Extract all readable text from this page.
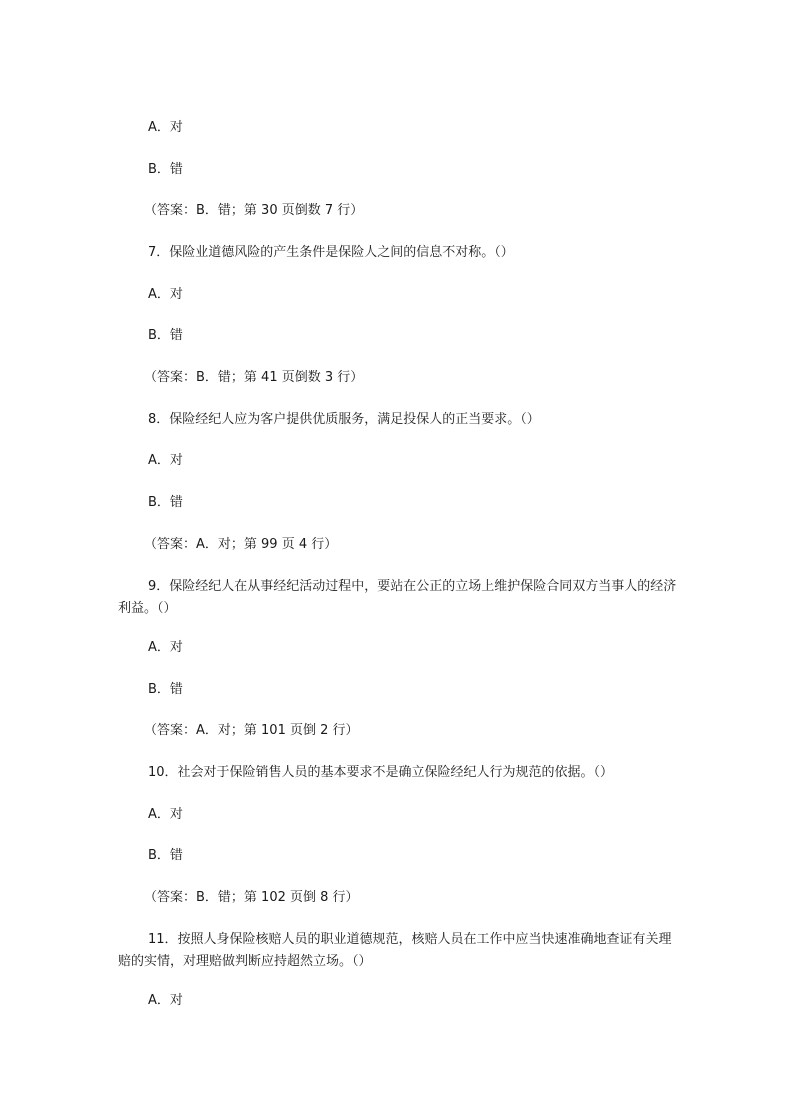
A．对
B．错
（答案：B．错；第 30 页倒数 7 行）
7．保险业道德风险的产生条件是保险人之间的信息不对称。（）
A．对
B．错
（答案：B．错；第 41 页倒数 3 行）
8．保险经纪人应为客户提供优质服务，满足投保人的正当要求。（）
A．对
B．错
（答案：A．对；第 99 页 4 行）
9．保险经纪人在从事经纪活动过程中，要站在公正的立场上维护保险合同双方当事人的经济利益。（）
A．对
B．错
（答案：A．对；第 101 页倒 2 行）
10．社会对于保险销售人员的基本要求不是确立保险经纪人行为规范的依据。（）
A．对
B．错
（答案：B．错；第 102 页倒 8 行）
11．按照人身保险核赔人员的职业道德规范，核赔人员在工作中应当快速准确地查证有关理赔的实情，对理赔做判断应持超然立场。（）
A．对
